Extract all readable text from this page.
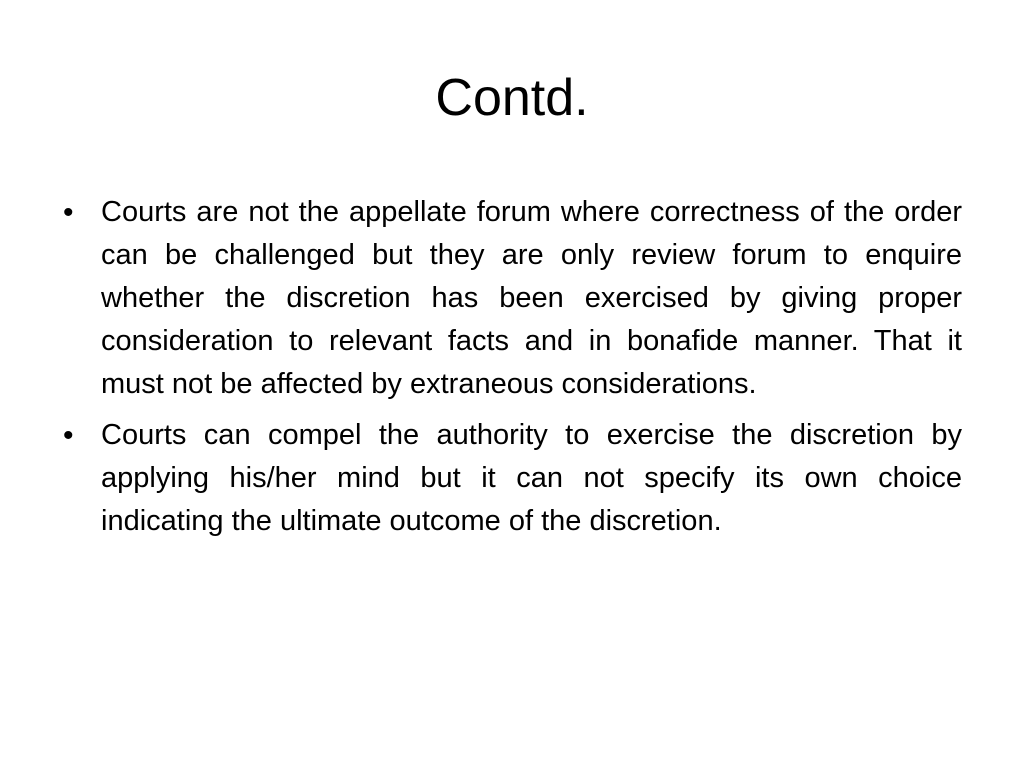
Contd.
• Courts are not the appellate forum where correctness of the order can be challenged but they are only review forum to enquire whether the discretion has been exercised by giving proper consideration to relevant facts and in bonafide manner. That it must not be affected by extraneous considerations.
• Courts can compel the authority to exercise the discretion by applying his/her mind but it can not specify its own choice indicating the ultimate outcome of the discretion.
